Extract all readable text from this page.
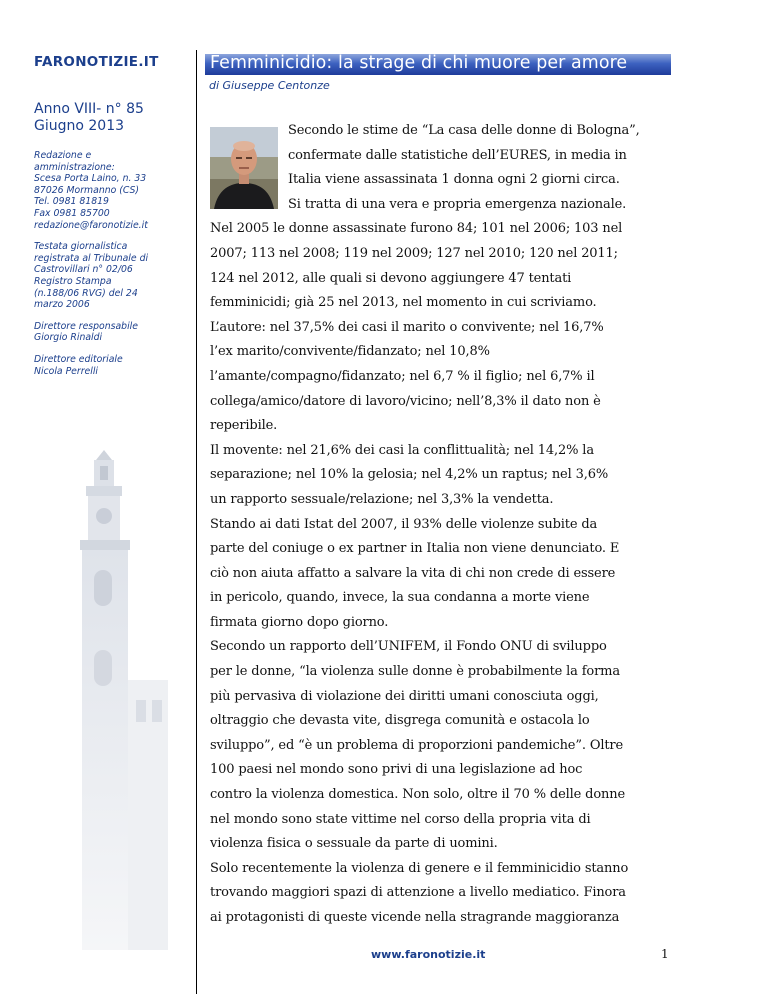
FARONOTIZIE.IT
Anno VIII- n° 85
Giugno 2013
Redazione e
amministrazione:
Scesa Porta Laino, n. 33
87026 Mormanno (CS)
Tel. 0981 81819
Fax 0981 85700
redazione@faronotizie.it
Testata giornalistica
registrata al Tribunale di
Castrovillari n° 02/06
Registro Stampa
(n.188/06 RVG) del 24
marzo 2006
Direttore responsabile
Giorgio Rinaldi
Direttore editoriale
Nicola Perrelli
Femminicidio: la strage di chi muore per amore
di Giuseppe Centonze
Secondo le stime de “La casa delle donne di Bologna”,
confermate dalle statistiche dell’EURES, in media in
Italia viene assassinata 1 donna ogni 2 giorni circa.
Si tratta di una vera e propria emergenza nazionale.
Nel 2005 le donne assassinate furono 84; 101 nel 2006; 103 nel
2007; 113 nel 2008; 119 nel 2009; 127 nel 2010; 120 nel 2011;
124 nel 2012, alle quali si devono aggiungere 47 tentati
femminicidi; già 25 nel 2013, nel momento in cui scriviamo.
L’autore: nel 37,5% dei casi il marito o convivente; nel 16,7%
l’ex marito/convivente/fidanzato; nel 10,8%
l’amante/compagno/fidanzato; nel 6,7 % il figlio; nel 6,7% il
collega/amico/datore di lavoro/vicino; nell’8,3% il dato non è
reperibile.
Il movente: nel 21,6% dei casi la conflittualità; nel 14,2% la
separazione; nel 10% la gelosia; nel 4,2% un raptus; nel 3,6%
un rapporto sessuale/relazione; nel 3,3% la vendetta.
Stando ai dati Istat del 2007, il 93% delle violenze subite da
parte del coniuge o ex partner in Italia non viene denunciato. E
ciò non aiuta affatto a salvare la vita di chi non crede di essere
in pericolo, quando, invece, la sua condanna a morte viene
firmata giorno dopo giorno.
Secondo un rapporto dell’UNIFEM, il Fondo ONU di sviluppo
per le donne, “la violenza sulle donne è probabilmente la forma
più pervasiva di violazione dei diritti umani conosciuta oggi,
oltraggio che devasta vite, disgrega comunità e ostacola lo
sviluppo”, ed “è un problema di proporzioni pandemiche”. Oltre
100 paesi nel mondo sono privi di una legislazione ad hoc
contro la violenza domestica. Non solo, oltre il 70 % delle donne
nel mondo sono state vittime nel corso della propria vita di
violenza fisica o sessuale da parte di uomini.
Solo recentemente la violenza di genere e il femminicidio stanno
trovando maggiori spazi di attenzione a livello mediatico. Finora
ai protagonisti di queste vicende nella stragrande maggioranza
www.faronotizie.it	1
